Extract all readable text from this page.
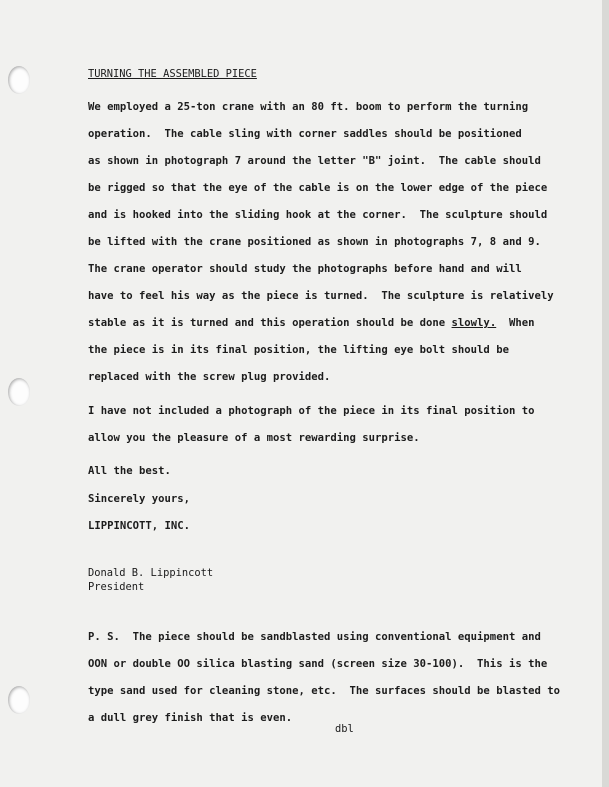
TURNING THE ASSEMBLED PIECE
We employed a 25-ton crane with an 80 ft. boom to perform the turning
operation.  The cable sling with corner saddles should be positioned
as shown in photograph 7 around the letter "B" joint.  The cable should
be rigged so that the eye of the cable is on the lower edge of the piece
and is hooked into the sliding hook at the corner.  The sculpture should
be lifted with the crane positioned as shown in photographs 7, 8 and 9.
The crane operator should study the photographs before hand and will
have to feel his way as the piece is turned.  The sculpture is relatively
stable as it is turned and this operation should be done slowly.  When
the piece is in its final position, the lifting eye bolt should be
replaced with the screw plug provided.
I have not included a photograph of the piece in its final position to
allow you the pleasure of a most rewarding surprise.
All the best.
Sincerely yours,
LIPPINCOTT, INC.
Donald B. Lippincott
President
P. S.  The piece should be sandblasted using conventional equipment and
OON or double OO silica blasting sand (screen size 30-100).  This is the
type sand used for cleaning stone, etc.  The surfaces should be blasted to
a dull grey finish that is even.
dbl
